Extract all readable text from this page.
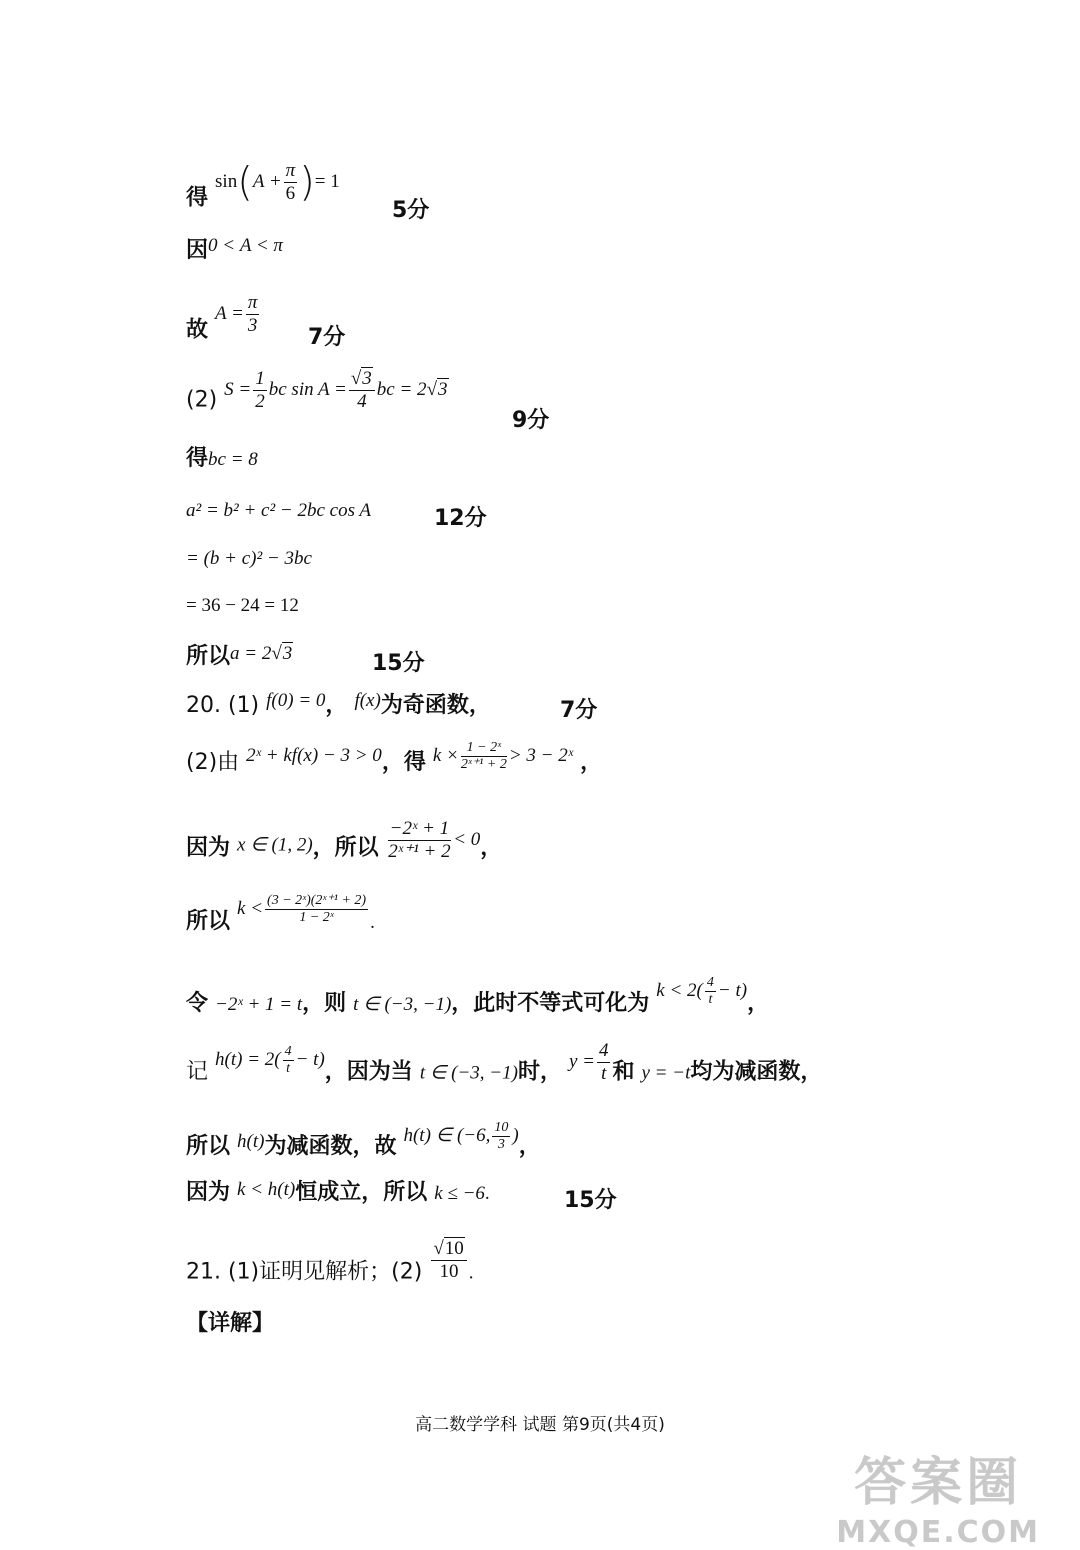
得 $\sin(A + \frac{\pi}{6}$ )= 1
5分
因0 < A < π
故 $A = \frac{\pi}{3}$
7分
(2) $S = \frac{1}{2}$ bc $\sin A = \frac{√3}{4}$ bc = 2√3
9分
得bc = 8
a² = b² + c² − 2bc cos A	12分
= (b + c)² − 3bc
= 36 − 24 = 12
所以a = 2√3	15分
20. (1) f(0) = 0， f(x)为奇函数，	7分
(2)由 2ˣ + kf(x) − 3 > 0，得 $k \times \frac{\text{1 − 2ˣ}}{\text{2ˣ⁺¹ + 2}} > 3$ − 2ˣ ，
因为 x ∈ (1, 2)，所以 $\frac{\text{−2ˣ + 1}}{\text{2ˣ⁺¹ + 2}} < 0$，
所以 $k < \frac{\text{(3 − 2ˣ)(2ˣ⁺¹ + 2)}}{\text{1 − 2ˣ}}$ .
令 −2ˣ + 1 = t，则 t ∈ (−3, −1)，此时不等式可化为 $k < 2( \frac{4}{t} - t)$，
记 $h(t) = 2( \frac{4}{t} - t)$，因为当 t ∈ (−3, −1)时， $y = \frac{4}{t}$ 和 y = −t均为减函数，
所以 h(t)为减函数，故 h(t) ∈ (−6, $\frac{10}{3}$ )，
因为 k < h(t)恒成立，所以 k ≤ −6.	15分
21. (1)证明见解析；$(2) \frac{√10}{10}$ .
【详解】
高二数学学科 试题 第9页(共4页)
答案圈
MXQE.COM
